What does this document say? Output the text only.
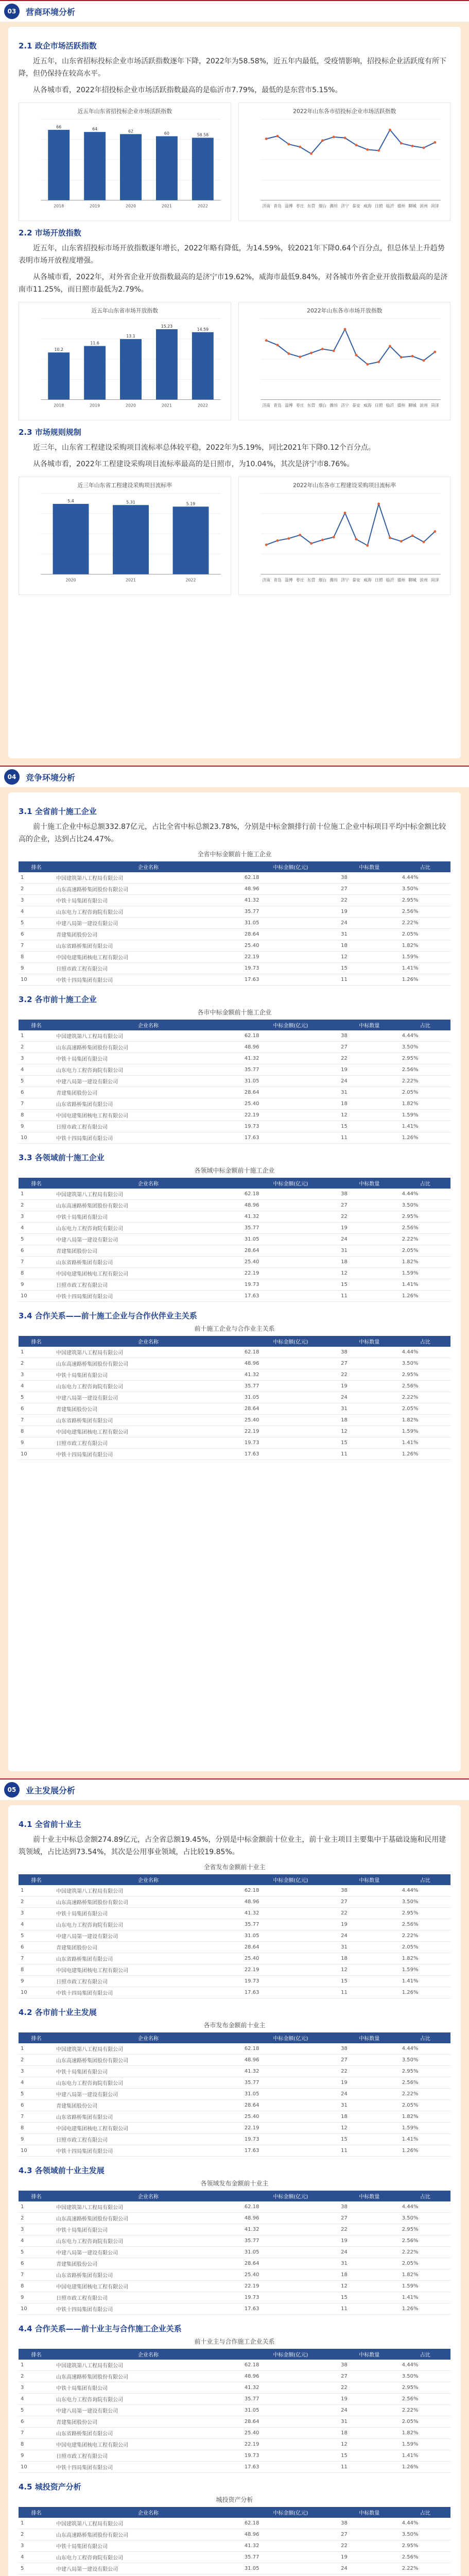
03	营商环境分析
2.1 政企市场活跃指数

近五年，山东省招标投标企业市场活跃指数逐年下降，2022年为58.58%，近五年内最低，受疫情影响，招投标企业活跃度有所下降，但仍保持在较高水平。

从各城市看，2022年招投标企业市场活跃指数最高的是临沂市7.79%，最低的是东营市5.15%。

近五年山东省招投标企业市场活跃指数
66	64	62	60	58.58
2018	2019	2020	2021	2022
2022年山东各市招投标企业市场活跃指数
济南 青岛 淄博 枣庄 东营 烟台 潍坊 济宁 泰安 威海 日照 临沂 德州 聊城 滨州 菏泽
2.2 市场开放指数

近五年，山东省招投标市场开放指数逐年增长，2022年略有降低，为14.59%，较2021年下降0.64个百分点，但总体呈上升趋势表明市场开放程度增强。

从各城市看，2022年，对外省企业开放指数最高的是济宁市19.62%，威海市最低9.84%，对各城市外省企业开放指数最高的是济南市11.25%，而日照市最低为2.79%。

近五年山东省市场开放指数
10.2
11.6
13.1
15.23
14.59
2018	2019	2020	2021	2022
2022年山东各市市场开放指数
济南 青岛 淄博 枣庄 东营 烟台 潍坊 济宁 泰安 威海 日照 临沂 德州 聊城 滨州 菏泽
2.3 市场规则规制

近三年，山东省工程建设采购项目流标率总体较平稳，2022年为5.19%，同比2021年下降0.12个百分点。

从各城市看，2022年工程建设采购项目流标率最高的是日照市，为10.04%，其次是济宁市8.76%。

近三年山东省工程建设采购项目流标率
5.4	5.31	5.19
2020	2021	2022
2022年山东各市工程建设采购项目流标率
济南 青岛 淄博 枣庄 东营 烟台 潍坊 济宁 泰安 威海 日照 临沂 德州 聊城 滨州 菏泽
04	竞争环境分析
3.1 全省前十施工企业

前十施工企业中标总额332.87亿元，占比全省中标总额23.78%，分别是中标金额排行前十位施工企业中标项目平均中标金额比较高的企业，达到占比24.47%。

全省中标金额前十施工企业
排名	企业名称	中标金额(亿元)	中标数量	占比
1	中国建筑第八工程局有限公司	62.18	38	4.44%
2	山东高速路桥集团股份有限公司	48.96	27	3.50%
3	中铁十局集团有限公司	41.32	22	2.95%
4	山东电力工程咨询院有限公司	35.77	19	2.56%
5	中建八局第一建设有限公司	31.05	24	2.22%
6	青建集团股份公司	28.64	31	2.05%
7	山东省路桥集团有限公司	25.40	18	1.82%
8	中国电建集团核电工程有限公司	22.19	12	1.59%
9	日照市政工程有限公司	19.73	15	1.41%
10	中铁十四局集团有限公司	17.63	11	1.26%
3.2 各市前十施工企业
各市中标金额前十施工企业
排名	企业名称	中标金额(亿元)	中标数量	占比
1	中国建筑第八工程局有限公司	62.18	38	4.44%
2	山东高速路桥集团股份有限公司	48.96	27	3.50%
3	中铁十局集团有限公司	41.32	22	2.95%
4	山东电力工程咨询院有限公司	35.77	19	2.56%
5	中建八局第一建设有限公司	31.05	24	2.22%
6	青建集团股份公司	28.64	31	2.05%
7	山东省路桥集团有限公司	25.40	18	1.82%
8	中国电建集团核电工程有限公司	22.19	12	1.59%
9	日照市政工程有限公司	19.73	15	1.41%
10	中铁十四局集团有限公司	17.63	11	1.26%
3.3 各领域前十施工企业
各领域中标金额前十施工企业
排名	企业名称	中标金额(亿元)	中标数量	占比
1	中国建筑第八工程局有限公司	62.18	38	4.44%
2	山东高速路桥集团股份有限公司	48.96	27	3.50%
3	中铁十局集团有限公司	41.32	22	2.95%
4	山东电力工程咨询院有限公司	35.77	19	2.56%
5	中建八局第一建设有限公司	31.05	24	2.22%
6	青建集团股份公司	28.64	31	2.05%
7	山东省路桥集团有限公司	25.40	18	1.82%
8	中国电建集团核电工程有限公司	22.19	12	1.59%
9	日照市政工程有限公司	19.73	15	1.41%
10	中铁十四局集团有限公司	17.63	11	1.26%
3.4 合作关系——前十施工企业与合作伙伴业主关系
前十施工企业与合作业主关系
排名	企业名称	中标金额(亿元)	中标数量	占比
1	中国建筑第八工程局有限公司	62.18	38	4.44%
2	山东高速路桥集团股份有限公司	48.96	27	3.50%
3	中铁十局集团有限公司	41.32	22	2.95%
4	山东电力工程咨询院有限公司	35.77	19	2.56%
5	中建八局第一建设有限公司	31.05	24	2.22%
6	青建集团股份公司	28.64	31	2.05%
7	山东省路桥集团有限公司	25.40	18	1.82%
8	中国电建集团核电工程有限公司	22.19	12	1.59%
9	日照市政工程有限公司	19.73	15	1.41%
10	中铁十四局集团有限公司	17.63	11	1.26%
05	业主发展分析
4.1 全省前十业主

前十业主中标总金额274.89亿元，占全省总额19.45%，分别是中标金额前十位业主，前十业主项目主要集中于基础设施和民用建筑领域，占比达到73.54%，其次是公用事业领域，占比较19.85%。

全省发布金额前十业主
排名	企业名称	中标金额(亿元)	中标数量	占比
1	中国建筑第八工程局有限公司	62.18	38	4.44%
2	山东高速路桥集团股份有限公司	48.96	27	3.50%
3	中铁十局集团有限公司	41.32	22	2.95%
4	山东电力工程咨询院有限公司	35.77	19	2.56%
5	中建八局第一建设有限公司	31.05	24	2.22%
6	青建集团股份公司	28.64	31	2.05%
7	山东省路桥集团有限公司	25.40	18	1.82%
8	中国电建集团核电工程有限公司	22.19	12	1.59%
9	日照市政工程有限公司	19.73	15	1.41%
10	中铁十四局集团有限公司	17.63	11	1.26%
4.2 各市前十业主发展
各市发布金额前十业主
排名	企业名称	中标金额(亿元)	中标数量	占比
1	中国建筑第八工程局有限公司	62.18	38	4.44%
2	山东高速路桥集团股份有限公司	48.96	27	3.50%
3	中铁十局集团有限公司	41.32	22	2.95%
4	山东电力工程咨询院有限公司	35.77	19	2.56%
5	中建八局第一建设有限公司	31.05	24	2.22%
6	青建集团股份公司	28.64	31	2.05%
7	山东省路桥集团有限公司	25.40	18	1.82%
8	中国电建集团核电工程有限公司	22.19	12	1.59%
9	日照市政工程有限公司	19.73	15	1.41%
10	中铁十四局集团有限公司	17.63	11	1.26%
4.3 各领域前十业主发展
各领域发布金额前十业主
排名	企业名称	中标金额(亿元)	中标数量	占比
1	中国建筑第八工程局有限公司	62.18	38	4.44%
2	山东高速路桥集团股份有限公司	48.96	27	3.50%
3	中铁十局集团有限公司	41.32	22	2.95%
4	山东电力工程咨询院有限公司	35.77	19	2.56%
5	中建八局第一建设有限公司	31.05	24	2.22%
6	青建集团股份公司	28.64	31	2.05%
7	山东省路桥集团有限公司	25.40	18	1.82%
8	中国电建集团核电工程有限公司	22.19	12	1.59%
9	日照市政工程有限公司	19.73	15	1.41%
10	中铁十四局集团有限公司	17.63	11	1.26%
4.4 合作关系——前十业主与合作施工企业关系
前十业主与合作施工企业关系
排名	企业名称	中标金额(亿元)	中标数量	占比
1	中国建筑第八工程局有限公司	62.18	38	4.44%
2	山东高速路桥集团股份有限公司	48.96	27	3.50%
3	中铁十局集团有限公司	41.32	22	2.95%
4	山东电力工程咨询院有限公司	35.77	19	2.56%
5	中建八局第一建设有限公司	31.05	24	2.22%
6	青建集团股份公司	28.64	31	2.05%
7	山东省路桥集团有限公司	25.40	18	1.82%
8	中国电建集团核电工程有限公司	22.19	12	1.59%
9	日照市政工程有限公司	19.73	15	1.41%
10	中铁十四局集团有限公司	17.63	11	1.26%
4.5 城投资产分析
城投资产分析
排名	企业名称	中标金额(亿元)	中标数量	占比
1	中国建筑第八工程局有限公司	62.18	38	4.44%
2	山东高速路桥集团股份有限公司	48.96	27	3.50%
3	中铁十局集团有限公司	41.32	22	2.95%
4	山东电力工程咨询院有限公司	35.77	19	2.56%
5	中建八局第一建设有限公司	31.05	24	2.22%
